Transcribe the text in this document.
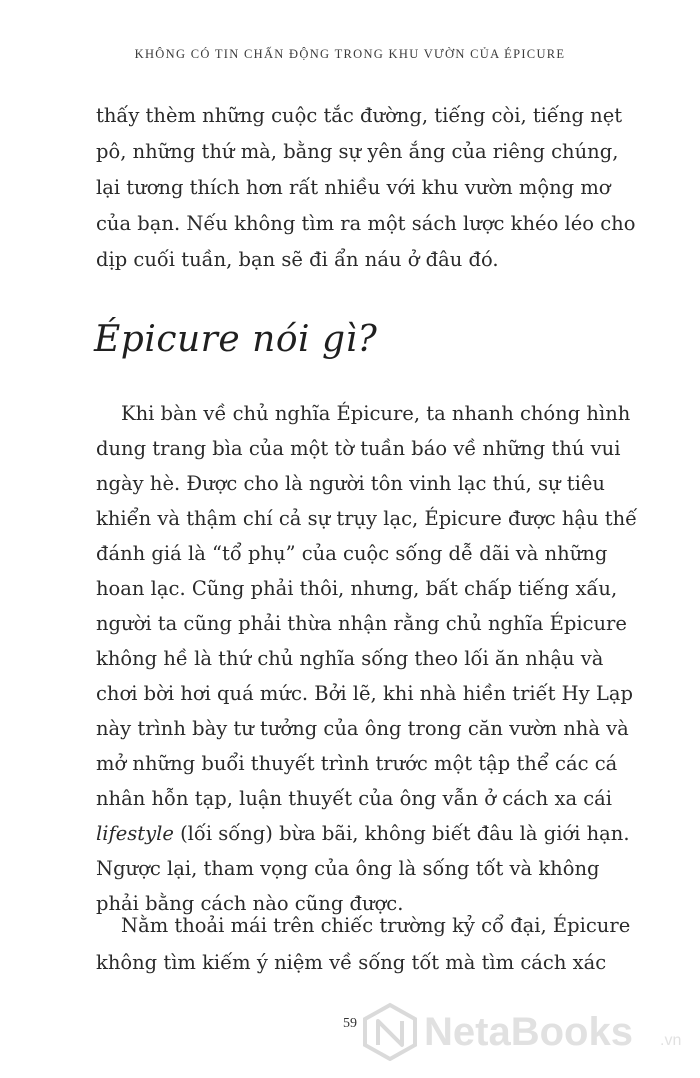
KHÔNG CÓ TIN CHẤN ĐỘNG TRONG KHU VƯỜN CỦA ÉPICURE
thấy thèm những cuộc tắc đường, tiếng còi, tiếng nẹt
pô, những thứ mà, bằng sự yên ắng của riêng chúng,
lại tương thích hơn rất nhiều với khu vườn mộng mơ
của bạn. Nếu không tìm ra một sách lược khéo léo cho
dịp cuối tuần, bạn sẽ đi ẩn náu ở đâu đó.
Épicure nói gì?
Khi bàn về chủ nghĩa Épicure, ta nhanh chóng hình
dung trang bìa của một tờ tuần báo về những thú vui
ngày hè. Được cho là người tôn vinh lạc thú, sự tiêu
khiển và thậm chí cả sự trụy lạc, Épicure được hậu thế
đánh giá là “tổ phụ” của cuộc sống dễ dãi và những
hoan lạc. Cũng phải thôi, nhưng, bất chấp tiếng xấu,
người ta cũng phải thừa nhận rằng chủ nghĩa Épicure
không hề là thứ chủ nghĩa sống theo lối ăn nhậu và
chơi bời hơi quá mức. Bởi lẽ, khi nhà hiền triết Hy Lạp
này trình bày tư tưởng của ông trong căn vườn nhà và
mở những buổi thuyết trình trước một tập thể các cá
nhân hỗn tạp, luận thuyết của ông vẫn ở cách xa cái
lifestyle (lối sống) bừa bãi, không biết đâu là giới hạn.
Ngược lại, tham vọng của ông là sống tốt và không
phải bằng cách nào cũng được.
Nằm thoải mái trên chiếc trường kỷ cổ đại, Épicure
không tìm kiếm ý niệm về sống tốt mà tìm cách xác
59	NetaBooks .vn
